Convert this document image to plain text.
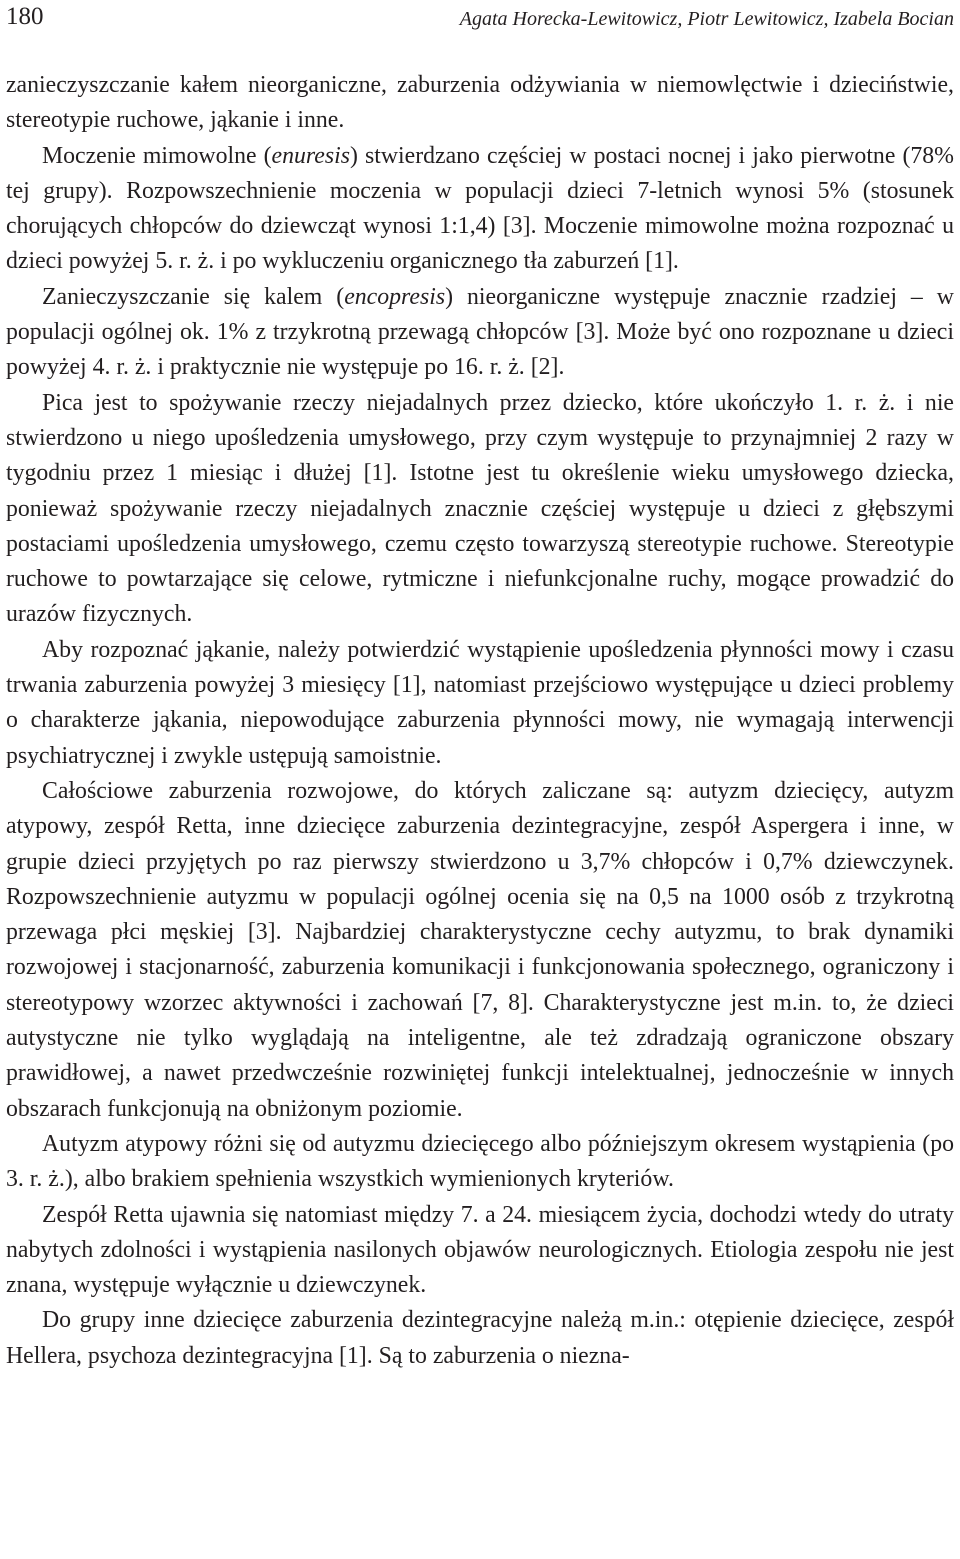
180	Agata Horecka-Lewitowicz, Piotr Lewitowicz, Izabela Bocian

zanieczyszczanie kałem nieorganiczne, zaburzenia odżywiania w niemowlęctwie i dzieciństwie, stereotypie ruchowe, jąkanie i inne.

Moczenie mimowolne (enuresis) stwierdzano częściej w postaci nocnej i jako pierwotne (78% tej grupy). Rozpowszechnienie moczenia w populacji dzieci 7-letnich wynosi 5% (stosunek chorujących chłopców do dziewcząt wynosi 1:1,4) [3]. Moczenie mimowolne można rozpoznać u dzieci powyżej 5. r. ż. i po wykluczeniu organicznego tła zaburzeń [1].

Zanieczyszczanie się kalem (encopresis) nieorganiczne występuje znacznie rzadziej – w populacji ogólnej ok. 1% z trzykrotną przewagą chłopców [3]. Może być ono rozpoznane u dzieci powyżej 4. r. ż. i praktycznie nie występuje po 16. r. ż. [2].

Pica jest to spożywanie rzeczy niejadalnych przez dziecko, które ukończyło 1. r. ż. i nie stwierdzono u niego upośledzenia umysłowego, przy czym występuje to przynajmniej 2 razy w tygodniu przez 1 miesiąc i dłużej [1]. Istotne jest tu określenie wieku umysłowego dziecka, ponieważ spożywanie rzeczy niejadalnych znacznie częściej występuje u dzieci z głębszymi postaciami upośledzenia umysłowego, czemu często towarzyszą stereotypie ruchowe. Stereotypie ruchowe to powtarzające się celowe, rytmiczne i niefunkcjonalne ruchy, mogące prowadzić do urazów fizycznych.

Aby rozpoznać jąkanie, należy potwierdzić wystąpienie upośledzenia płynności mowy i czasu trwania zaburzenia powyżej 3 miesięcy [1], natomiast przejściowo występujące u dzieci problemy o charakterze jąkania, niepowodujące zaburzenia płynności mowy, nie wymagają interwencji psychiatrycznej i zwykle ustępują samoistnie.

Całościowe zaburzenia rozwojowe, do których zaliczane są: autyzm dziecięcy, autyzm atypowy, zespół Retta, inne dziecięce zaburzenia dezintegracyjne, zespół Aspergera i inne, w grupie dzieci przyjętych po raz pierwszy stwierdzono u 3,7% chłopców i 0,7% dziewczynek. Rozpowszechnienie autyzmu w populacji ogólnej ocenia się na 0,5 na 1000 osób z trzykrotną przewaga płci męskiej [3]. Najbardziej charakterystyczne cechy autyzmu, to brak dynamiki rozwojowej i stacjonarność, zaburzenia komunikacji i funkcjonowania społecznego, ograniczony i stereotypowy wzorzec aktywności i zachowań [7, 8]. Charakterystyczne jest m.in. to, że dzieci autystyczne nie tylko wyglądają na inteligentne, ale też zdradzają ograniczone obszary prawidłowej, a nawet przedwcześnie rozwiniętej funkcji intelektualnej, jednocześnie w innych obszarach funkcjonują na obniżonym poziomie.

Autyzm atypowy różni się od autyzmu dziecięcego albo późniejszym okresem wystąpienia (po 3. r. ż.), albo brakiem spełnienia wszystkich wymienionych kryteriów.

Zespół Retta ujawnia się natomiast między 7. a 24. miesiącem życia, dochodzi wtedy do utraty nabytych zdolności i wystąpienia nasilonych objawów neurologicznych. Etiologia zespołu nie jest znana, występuje wyłącznie u dziewczynek.

Do grupy inne dziecięce zaburzenia dezintegracyjne należą m.in.: otępienie dziecięce, zespół Hellera, psychoza dezintegracyjna [1]. Są to zaburzenia o niezna-
